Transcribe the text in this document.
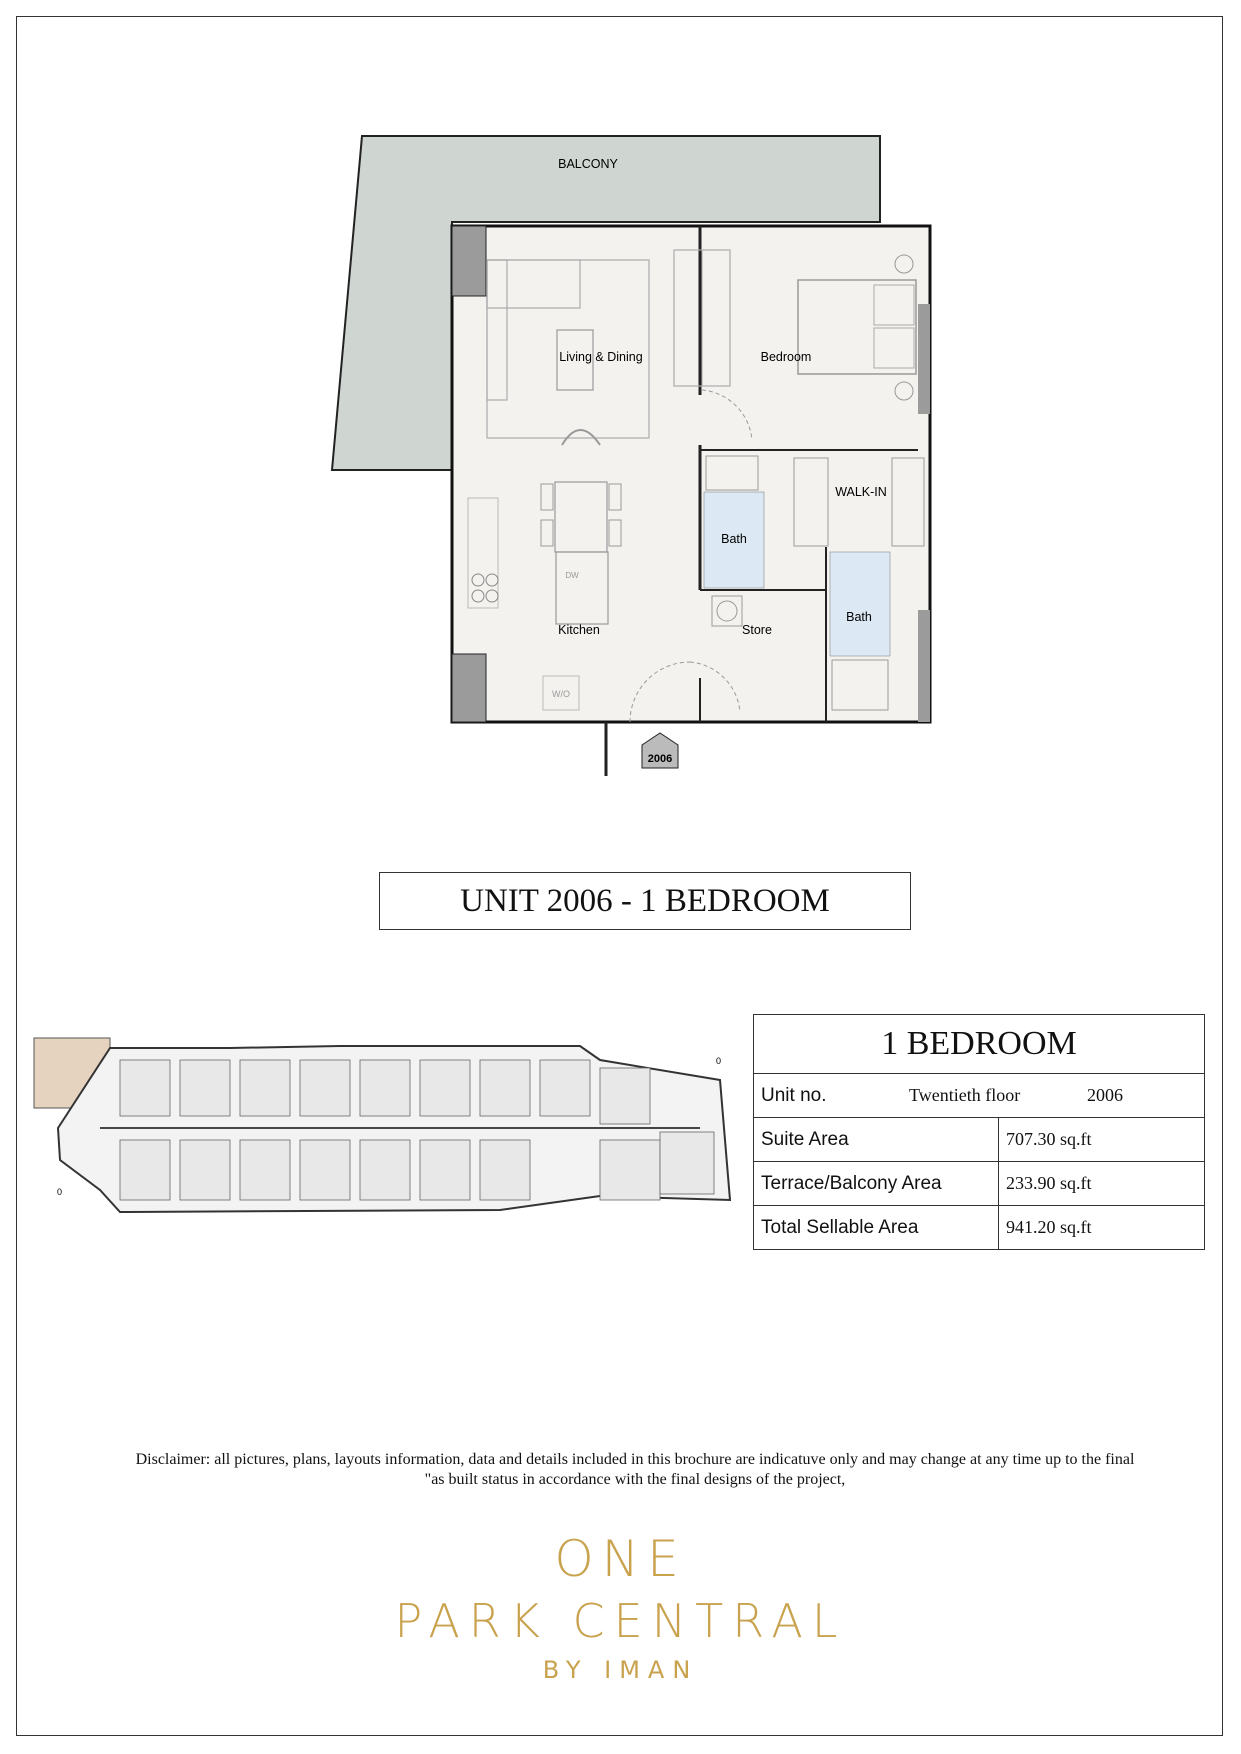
2006
BALCONY
Living & Dining	Bedroom
WALK-IN
Bath
Bath
Kitchen	Store
W/O
DW
UNIT 2006 - 1 BEDROOM
0
0	1 BEDROOM	

Unit no. Twentieth floor 2006	

Suite Area	707.30 sq.ft
Terrace/Balcony Area	233.90 sq.ft
Total Sellable Area	941.20 sq.ft
Disclaimer: all pictures, plans, layouts information, data and details included in this brochure are indicatuve only and may change at any time up to the final
"as built status in accordance with the final designs of the project,
ONE
PARK CENTRAL
BY IMAN
